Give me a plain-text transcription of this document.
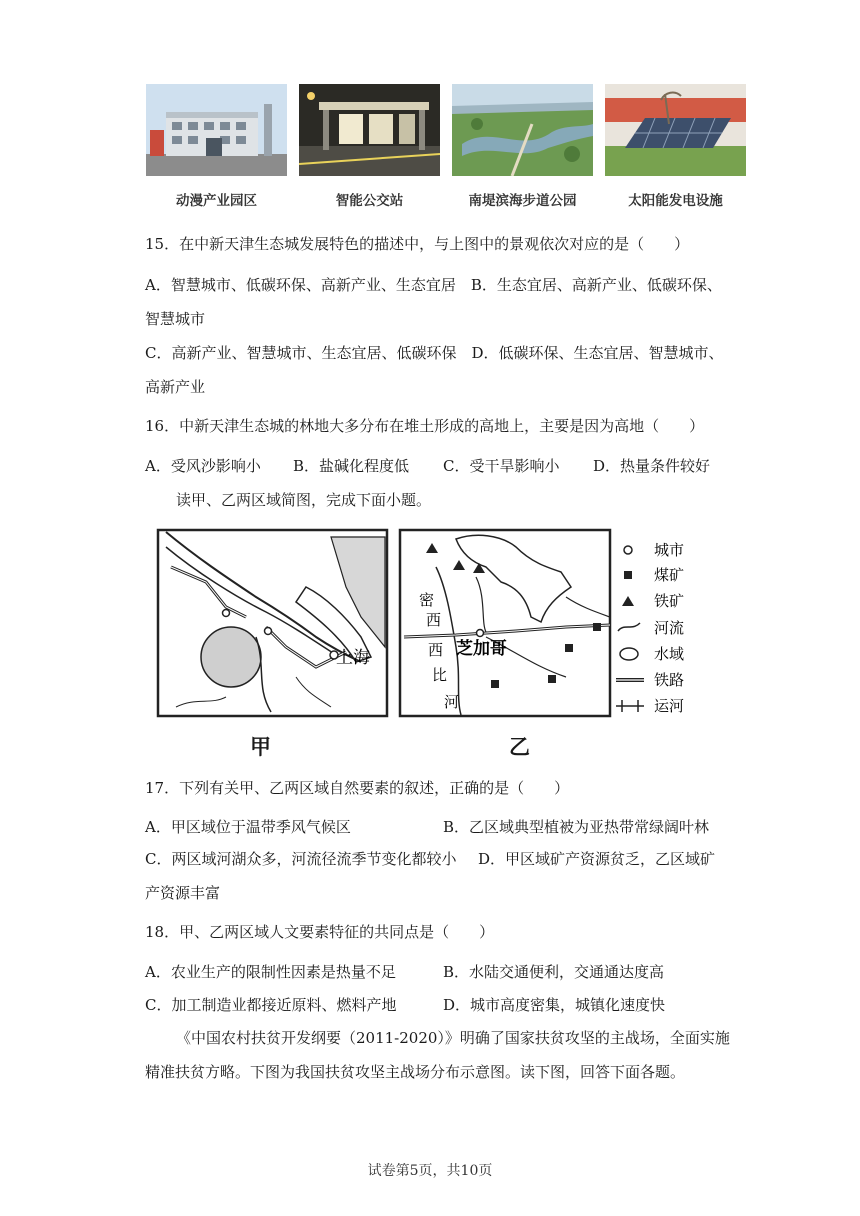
动漫产业园区	智能公交站	南堤滨海步道公园	太阳能发电设施
15．在中新天津生态城发展特色的描述中，与上图中的景观依次对应的是（　　）
A．智慧城市、低碳环保、高新产业、生态宜居　B．生态宜居、高新产业、低碳环保、
智慧城市
C．高新产业、智慧城市、生态宜居、低碳环保　D．低碳环保、生态宜居、智慧城市、
高新产业
16．中新天津生态城的林地大多分布在堆土形成的高地上，主要是因为高地（　　）
A．受风沙影响小 B．盐碱化程度低 C．受干旱影响小 D．热量条件较好
读甲、乙两区域简图，完成下面小题。
上海
密
西
西
比
河
芝加哥
城市
煤矿
铁矿
河流
水域
铁路
运河
甲	乙
17．下列有关甲、乙两区域自然要素的叙述，正确的是（　　）
A．甲区域位于温带季风气候区	B．乙区域典型植被为亚热带常绿阔叶林
C．两区域河湖众多，河流径流季节变化都较小 D．甲区域矿产资源贫乏，乙区域矿
产资源丰富
18．甲、乙两区域人文要素特征的共同点是（　　）
A．农业生产的限制性因素是热量不足	B．水陆交通便利，交通通达度高
C．加工制造业都接近原料、燃料产地	D．城市高度密集，城镇化速度快
《中国农村扶贫开发纲要（2011-2020）》明确了国家扶贫攻坚的主战场，全面实施
精准扶贫方略。下图为我国扶贫攻坚主战场分布示意图。读下图，回答下面各题。
试卷第5页，共10页
